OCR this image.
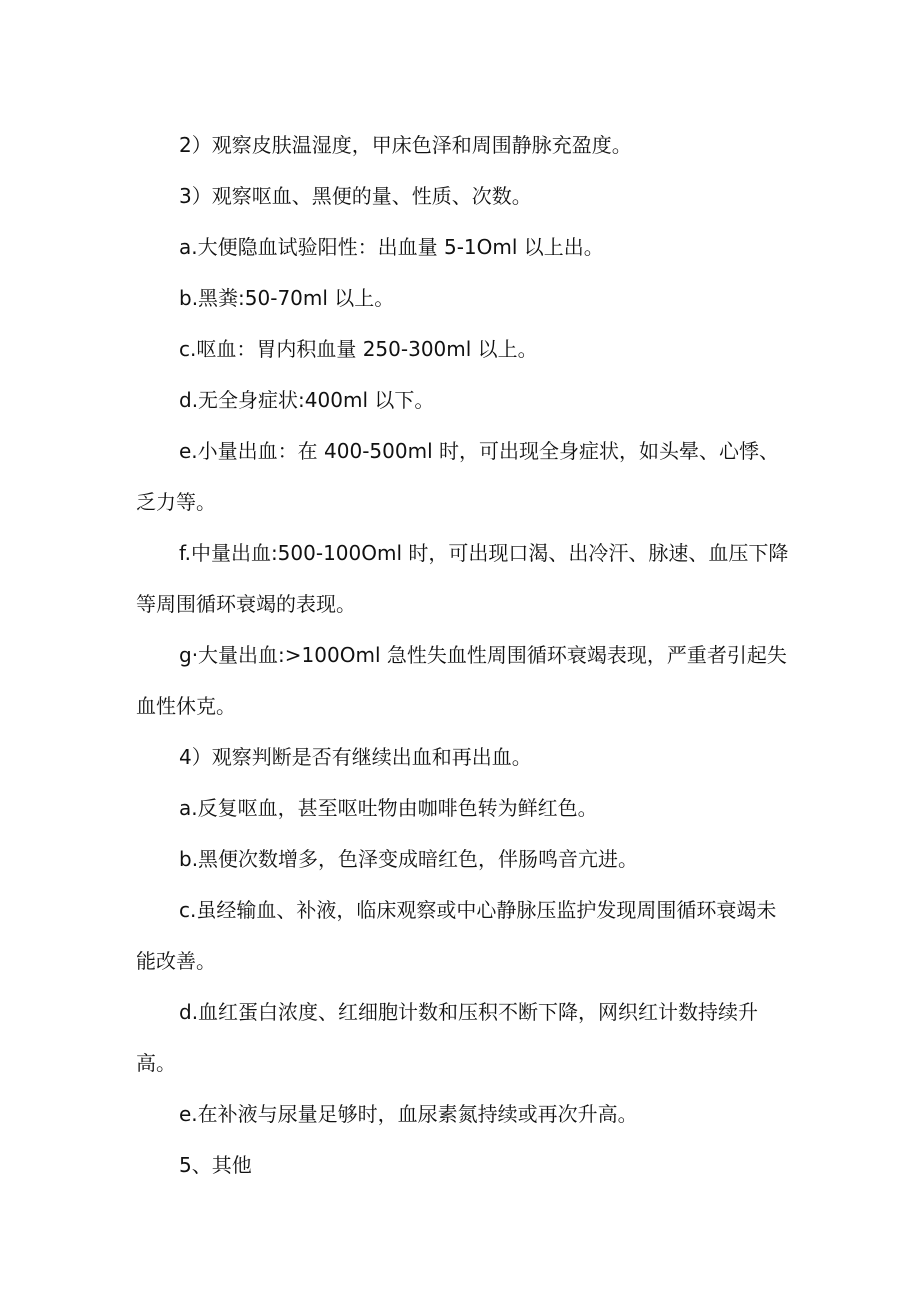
2）观察皮肤温湿度，甲床色泽和周围静脉充盈度。

3）观察呕血、黑便的量、性质、次数。

a.大便隐血试验阳性：出血量 5-1Oml 以上出。

b.黑粪:50-70ml 以上。

c.呕血：胃内积血量 250-300ml 以上。

d.无全身症状:400ml 以下。

e.小量出血：在 400-500ml 时，可出现全身症状，如头晕、心悸、乏力等。

f.中量出血:500-100Oml 时，可出现口渴、出冷汗、脉速、血压下降等周围循环衰竭的表现。

g·大量出血:>100Oml 急性失血性周围循环衰竭表现，严重者引起失血性休克。

4）观察判断是否有继续出血和再出血。

a.反复呕血，甚至呕吐物由咖啡色转为鲜红色。

b.黑便次数增多，色泽变成暗红色，伴肠鸣音亢进。

c.虽经输血、补液，临床观察或中心静脉压监护发现周围循环衰竭未能改善。

d.血红蛋白浓度、红细胞计数和压积不断下降，网织红计数持续升高。

e.在补液与尿量足够时，血尿素氮持续或再次升高。

5、其他
